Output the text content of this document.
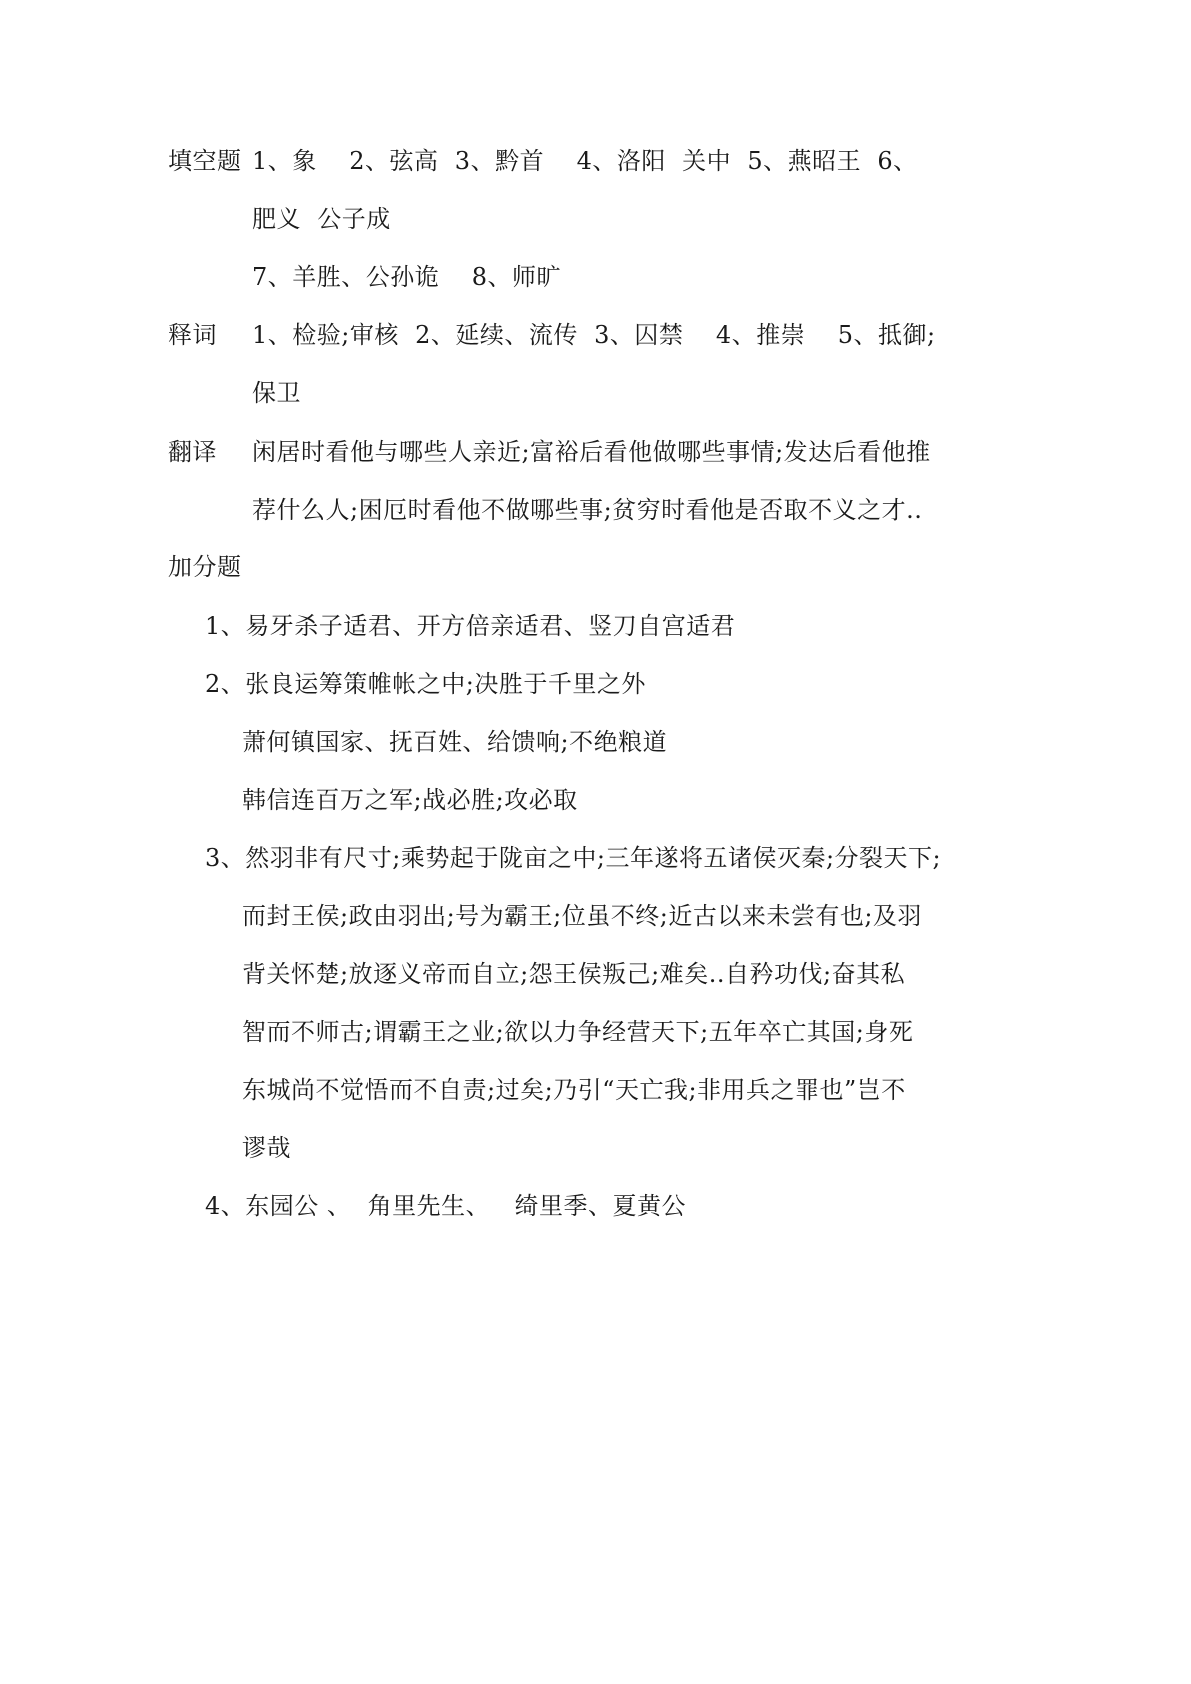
填空题 1、象    2、弦高  3、黔首    4、洛阳  关中  5、燕昭王  6、
肥义  公子成
7、羊胜、公孙诡    8、师旷
释词 1、检验;审核  2、延续、流传  3、囚禁    4、推崇    5、抵御;
保卫
翻译 闲居时看他与哪些人亲近;富裕后看他做哪些事情;发达后看他推
荐什么人;困厄时看他不做哪些事;贫穷时看他是否取不义之才..
加分题
1、易牙杀子适君、开方倍亲适君、竖刀自宫适君
2、张良运筹策帷帐之中;决胜于千里之外
萧何镇国家、抚百姓、给馈响;不绝粮道
韩信连百万之军;战必胜;攻必取
3、然羽非有尺寸;乘势起于陇亩之中;三年遂将五诸侯灭秦;分裂天下;
而封王侯;政由羽出;号为霸王;位虽不终;近古以来未尝有也;及羽
背关怀楚;放逐义帝而自立;怨王侯叛己;难矣..自矜功伐;奋其私
智而不师古;谓霸王之业;欲以力争经营天下;五年卒亡其国;身死
东城尚不觉悟而不自责;过矣;乃引“天亡我;非用兵之罪也”岂不
谬哉
4、东园公 、  角里先生、   绮里季、夏黄公
